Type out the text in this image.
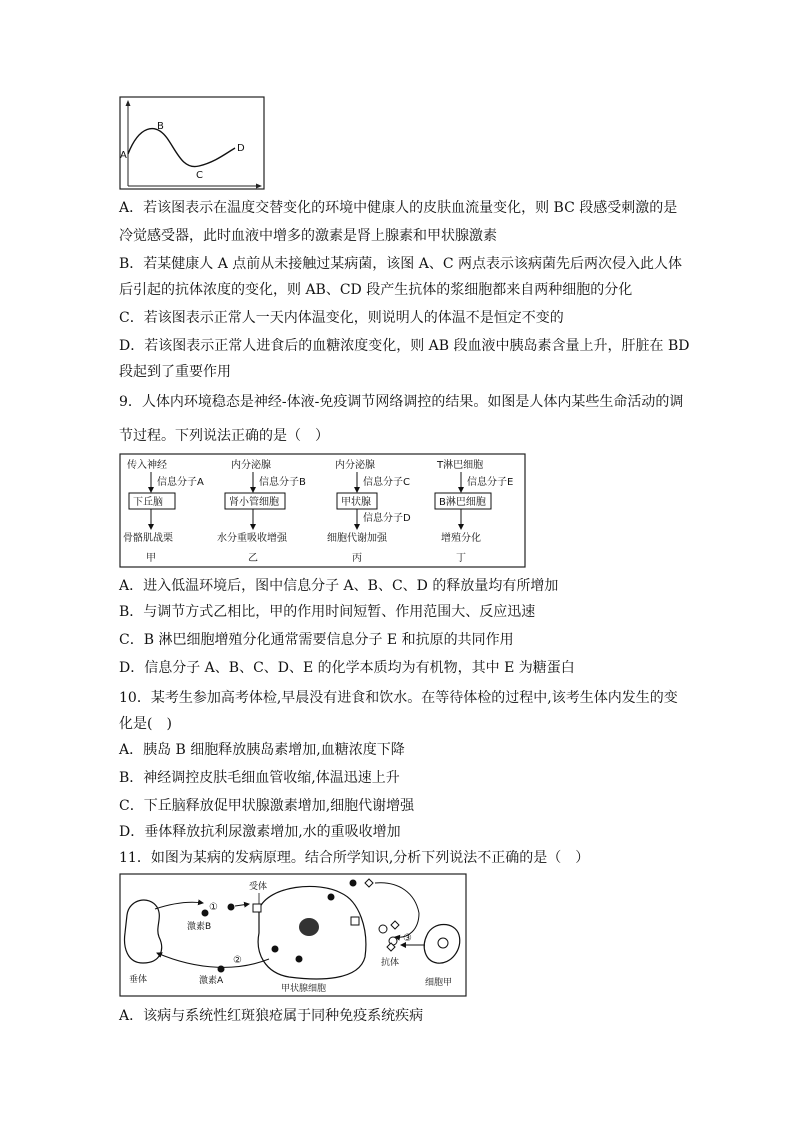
A
B
C
D
A．若该图表示在温度交替变化的环境中健康人的皮肤血流量变化，则 BC 段感受刺激的是
冷觉感受器，此时血液中增多的激素是肾上腺素和甲状腺激素
B．若某健康人 A 点前从未接触过某病菌，该图 A、C 两点表示该病菌先后两次侵入此人体
后引起的抗体浓度的变化，则 AB、CD 段产生抗体的浆细胞都来自两种细胞的分化
C．若该图表示正常人一天内体温变化，则说明人的体温不是恒定不变的
D．若该图表示正常人进食后的血糖浓度变化，则 AB 段血液中胰岛素含量上升，肝脏在 BD
段起到了重要作用
9．人体内环境稳态是神经-体液-免疫调节网络调控的结果。如图是人体内某些生命活动的调
节过程。下列说法正确的是（　）
传入神经
信息分子A
下丘脑
骨骼肌战栗
甲
内分泌腺
信息分子B
肾小管细胞
水分重吸收增强
乙
内分泌腺
信息分子C
甲状腺
信息分子D
细胞代谢加强
丙
T淋巴细胞
信息分子E
B淋巴细胞
增殖分化
丁
A．进入低温环境后，图中信息分子 A、B、C、D 的释放量均有所增加
B．与调节方式乙相比，甲的作用时间短暂、作用范围大、反应迅速
C．B 淋巴细胞增殖分化通常需要信息分子 E 和抗原的共同作用
D．信息分子 A、B、C、D、E 的化学本质均为有机物，其中 E 为糖蛋白
10．某考生参加高考体检,早晨没有进食和饮水。在等待体检的过程中,该考生体内发生的变
化是(　)
A．胰岛 B 细胞释放胰岛素增加,血糖浓度下降
B．神经调控皮肤毛细血管收缩,体温迅速上升
C．下丘脑释放促甲状腺激素增加,细胞代谢增强
D．垂体释放抗利尿激素增加,水的重吸收增加
11．如图为某病的发病原理。结合所学知识,分析下列说法不正确的是（　）
垂体
①
激素B
受体
甲状腺细胞
②
激素A
抗体
③
细胞甲
A．该病与系统性红斑狼疮属于同种免疫系统疾病
